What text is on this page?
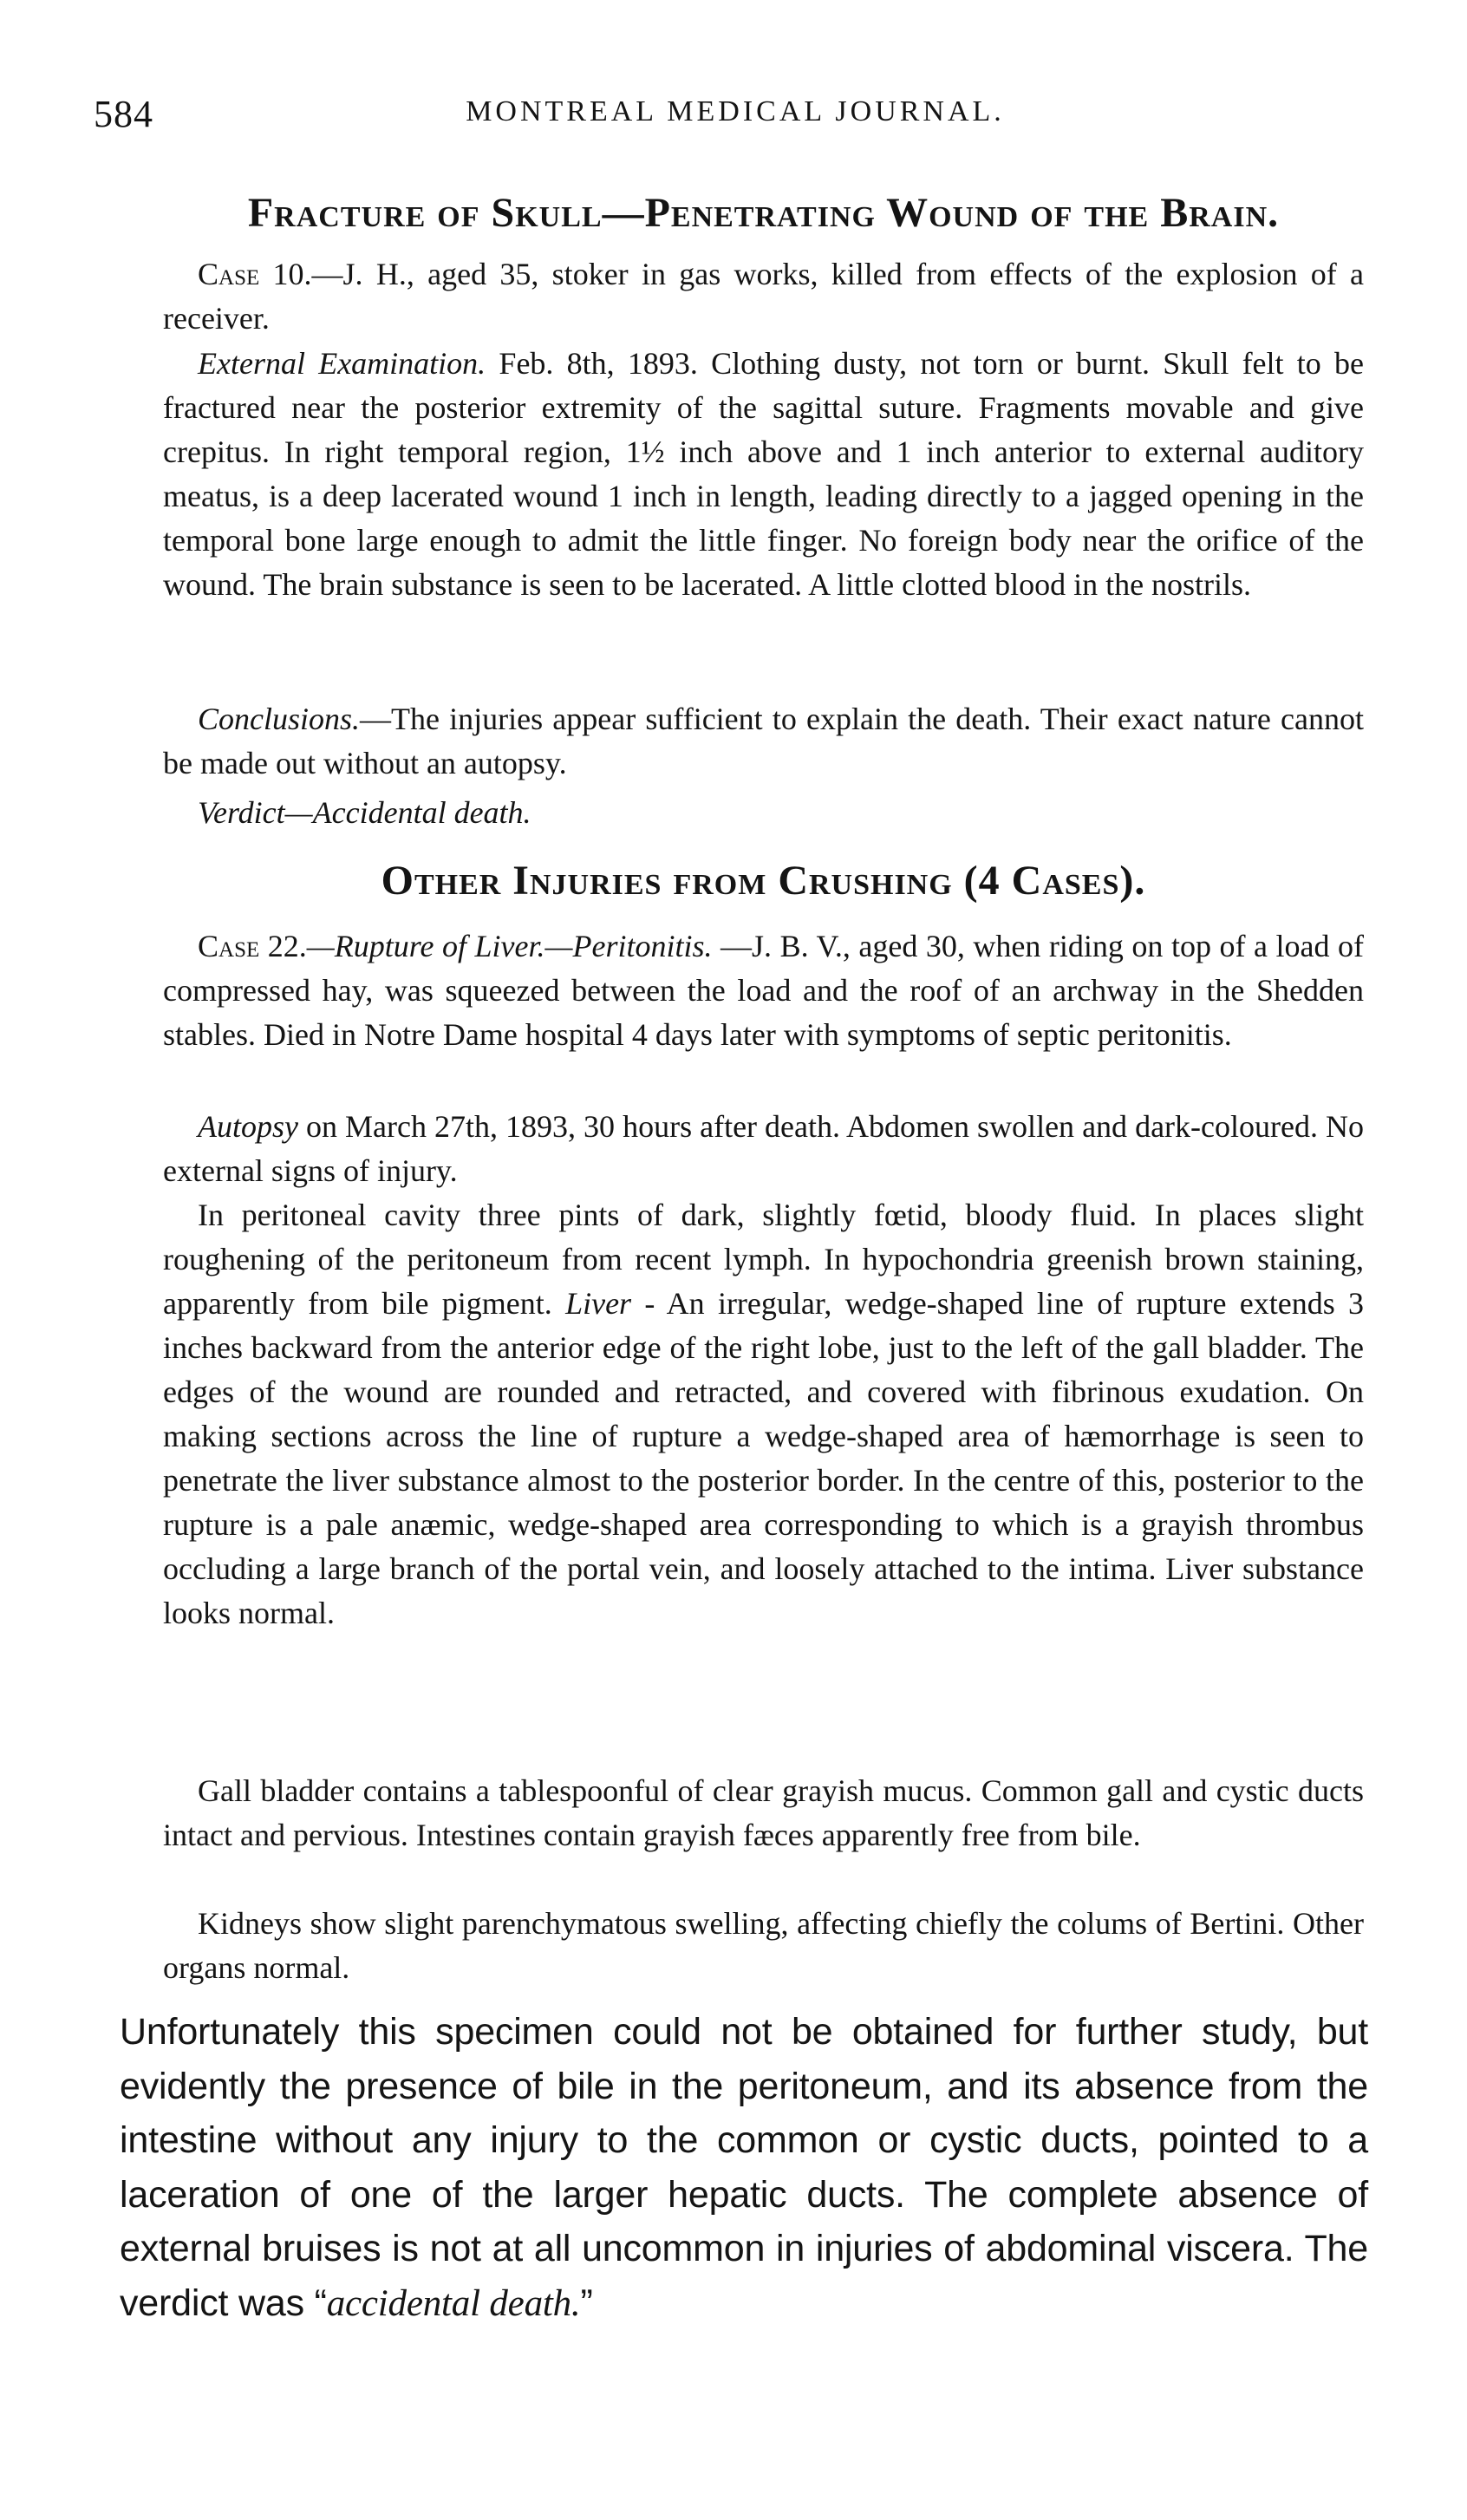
584	MONTREAL MEDICAL JOURNAL.
Fracture of Skull—Penetrating Wound of the Brain.

Case 10.—J. H., aged 35, stoker in gas works, killed from effects of the explosion of a receiver.

External Examination. Feb. 8th, 1893. Clothing dusty, not torn or burnt. Skull felt to be fractured near the posterior extremity of the sagittal suture. Fragments movable and give crepitus. In right temporal region, 1½ inch above and 1 inch anterior to external auditory meatus, is a deep lacerated wound 1 inch in length, leading directly to a jagged opening in the temporal bone large enough to admit the little finger. No foreign body near the orifice of the wound. The brain substance is seen to be lacerated. A little clotted blood in the nostrils.

Conclusions.—The injuries appear sufficient to explain the death. Their exact nature cannot be made out without an autopsy.

Verdict—Accidental death.

Other Injuries from Crushing (4 Cases).

Case 22.—Rupture of Liver.—Peritonitis. —J. B. V., aged 30, when riding on top of a load of compressed hay, was squeezed between the load and the roof of an archway in the Shedden stables. Died in Notre Dame hospital 4 days later with symptoms of septic peritonitis.

Autopsy on March 27th, 1893, 30 hours after death. Abdomen swollen and dark-coloured. No external signs of injury.

In peritoneal cavity three pints of dark, slightly fœtid, bloody fluid. In places slight roughening of the peritoneum from recent lymph. In hypochondria greenish brown staining, apparently from bile pigment. Liver - An irregular, wedge-shaped line of rupture extends 3 inches backward from the anterior edge of the right lobe, just to the left of the gall bladder. The edges of the wound are rounded and retracted, and covered with fibrinous exudation. On making sections across the line of rupture a wedge-shaped area of hæmorrhage is seen to penetrate the liver substance almost to the posterior border. In the centre of this, posterior to the rupture is a pale anæmic, wedge-shaped area corresponding to which is a grayish thrombus occluding a large branch of the portal vein, and loosely attached to the intima. Liver substance looks normal.

Gall bladder contains a tablespoonful of clear grayish mucus. Common gall and cystic ducts intact and pervious. Intestines contain grayish fæces apparently free from bile.

Kidneys show slight parenchymatous swelling, affecting chiefly the colums of Bertini. Other organs normal.

Unfortunately this specimen could not be obtained for further study, but evidently the presence of bile in the peritoneum, and its absence from the intestine without any injury to the common or cystic ducts, pointed to a laceration of one of the larger hepatic ducts. The complete absence of external bruises is not at all uncommon in injuries of abdominal viscera. The verdict was “accidental death.”
